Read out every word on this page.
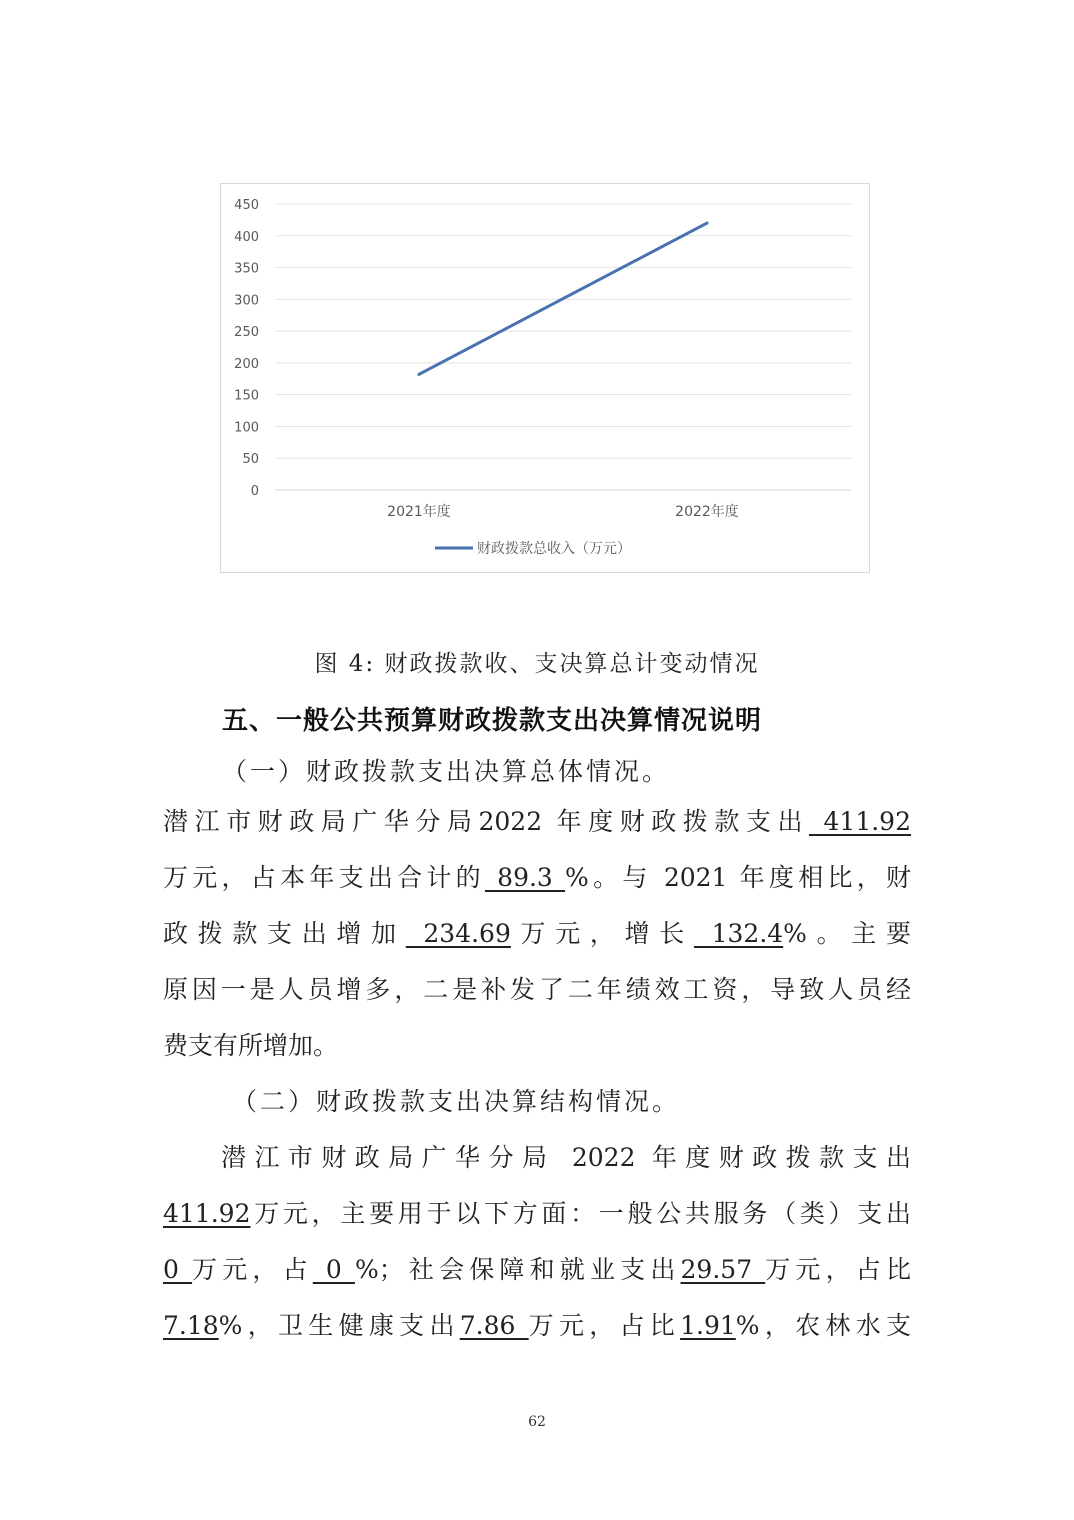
450
400
350
300
250
200
150
100
50
0
2021年度	2022年度
财政拨款总收入（万元）
图 4: 财政拨款收、支决算总计变动情况
五、一般公共预算财政拨款支出决算情况说明
（一）财政拨款支出决算总体情况。
潜江市财政局广华分局2022 年度财政拨款支出 411.92
万元，占本年支出合计的 89.3 %。与 2021 年度相比，财
政拨款支出增加 234.69万元，增长 132.4%。主要
原因一是人员增多，二是补发了二年绩效工资，导致人员经
费支有所增加。
（二）财政拨款支出决算结构情况。
潜江市财政局广华分局 2022 年度财政拨款支出
411.92万元，主要用于以下方面：一般公共服务（类）支出
0 万元，占 0 %；社会保障和就业支出29.57 万元，占比
7.18%，卫生健康支出7.86 万元，占比1.91%，农林水支
62
